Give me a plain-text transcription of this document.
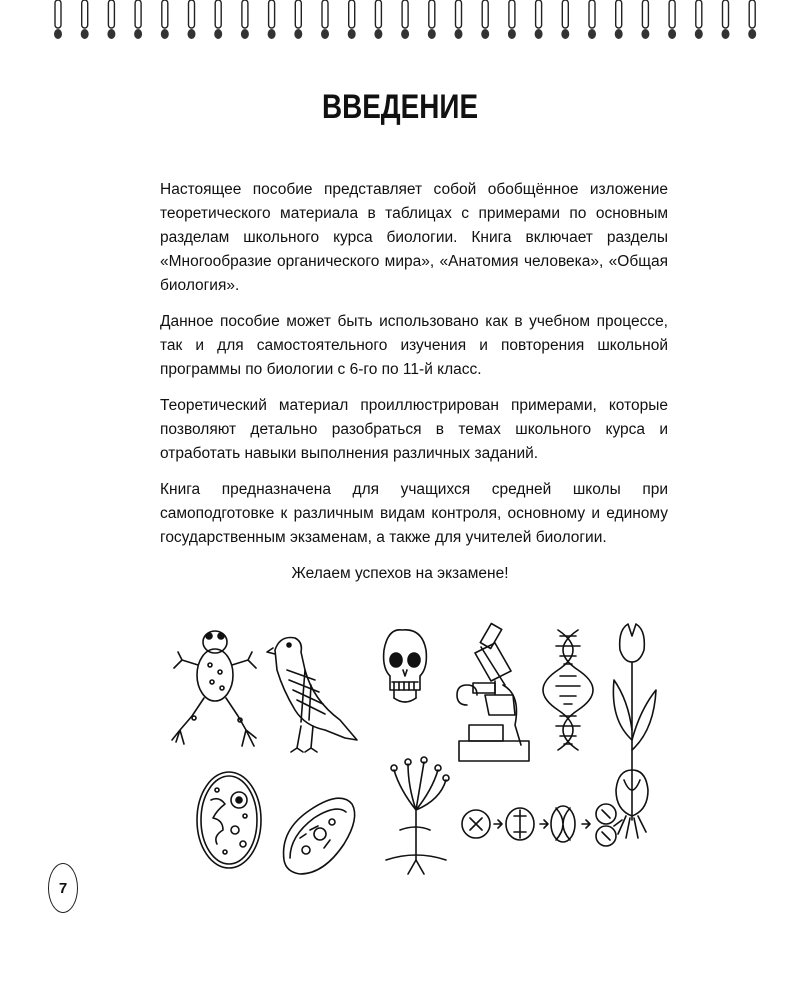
ВВЕДЕНИЕ

Настоящее пособие представляет собой обобщённое изложение теоретического материала в таблицах с примерами по основным разделам школьного курса биологии. Книга включает разделы «Многообразие органического мира», «Анатомия человека», «Общая биология».

Данное пособие может быть использовано как в учебном процессе, так и для самостоятельного изучения и повторения школьной программы по биологии с 6-го по 11-й класс.

Теоретический материал проиллюстрирован примерами, которые позволяют детально разобраться в темах школьного курса и отработать навыки выполнения различных заданий.

Книга предназначена для учащихся средней школы при самоподготовке к различным видам контроля, основному и единому государственным экзаменам, а также для учителей биологии.

Желаем успехов на экзамене!
7
